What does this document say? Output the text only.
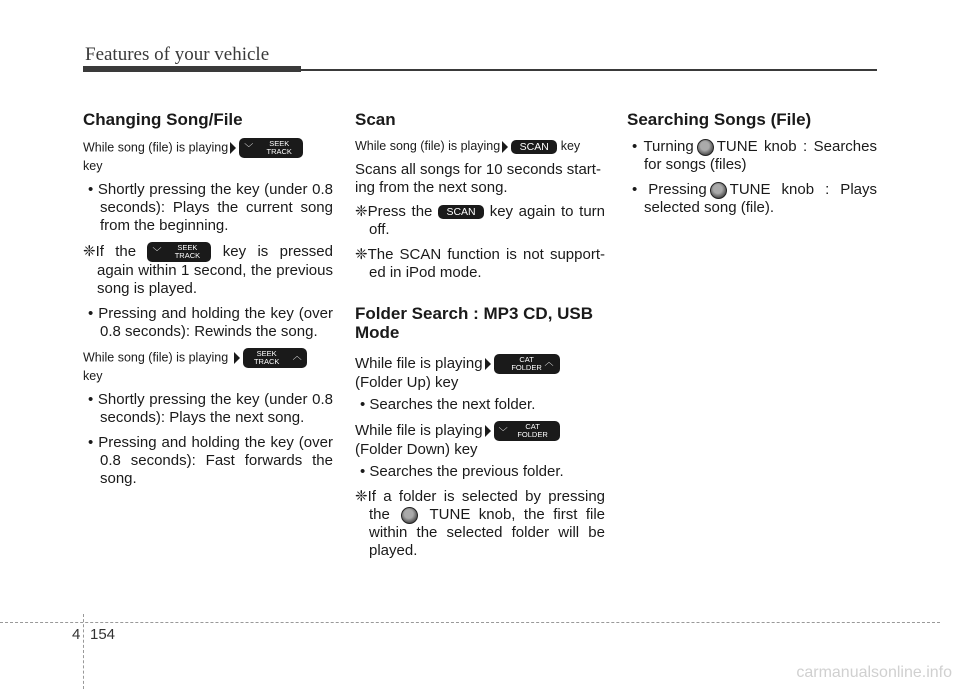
Features of your vehicle
Changing Song/File
While song (file) is playing ﹀	SEEK
TRACK

key
• Shortly pressing the key (under 0.8 seconds): Plays the current song from the beginning.
❈If the ﹀	SEEK
TRACK	key is pressed again within 1 second, the previous song is played.
• Pressing and holding the key (over 0.8 seconds): Rewinds the song.
While song (file) is playing	︿
SEEK
TRACK

key
• Shortly pressing the key (under 0.8 seconds): Plays the next song.
• Pressing and holding the key (over 0.8 seconds): Fast forwards the song.
Scan
While song (file) is playing SCAN key

Scans all songs for 10 seconds start-ing from the next song.

❈Press the SCAN key again to turn off.
❈The SCAN function is not support-ed in iPod mode.
Folder Search : MP3 CD, USB Mode
While file is playing	︿
CAT
FOLDER

(Folder Up) key
• Searches the next folder.
While file is playing ﹀
CAT
FOLDER

(Folder Down) key
• Searches the previous folder.
❈If a folder is selected by pressing the	TUNE knob, the first file within the selected folder will be played.
Searching Songs (File)
• Turning TUNE knob : Searches for songs (files)
• Pressing TUNE knob : Plays selected song (file).
4 154
carmanualsonline.info
